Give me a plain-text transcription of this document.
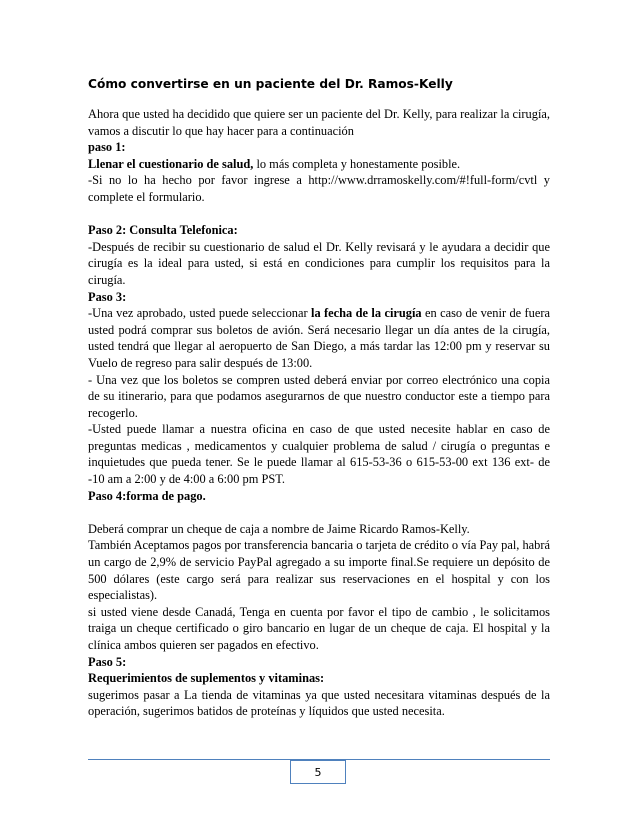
Cómo convertirse en un paciente del Dr. Ramos-Kelly

Ahora que usted ha decidido que quiere ser un paciente del Dr. Kelly, para realizar la cirugía, vamos a discutir lo que hay hacer para a continuación

paso 1:

Llenar el cuestionario de salud, lo más completa y honestamente posible.

-Si no lo ha hecho por favor ingrese a http://www.drramoskelly.com/#!full-form/cvtl y complete el formulario.

Paso 2: Consulta Telefonica:

-Después de recibir su cuestionario de salud el Dr. Kelly revisará y le ayudara a decidir que cirugía es la ideal para usted, si está en condiciones para cumplir los requisitos para la cirugía.

Paso 3:

-Una vez aprobado, usted puede seleccionar la fecha de la cirugía en caso de venir de fuera usted podrá comprar sus boletos de avión. Será necesario llegar un día antes de la cirugía, usted tendrá que llegar al aeropuerto de San Diego, a más tardar las 12:00 pm y reservar su Vuelo de regreso para salir después de 13:00.

- Una vez que los boletos se compren usted deberá enviar por correo electrónico una copia de su itinerario, para que podamos asegurarnos de que nuestro conductor este a tiempo para recogerlo.

-Usted puede llamar a nuestra oficina en caso de que usted necesite hablar en caso de preguntas medicas , medicamentos y cualquier problema de salud / cirugía o preguntas e inquietudes que pueda tener. Se le puede llamar al 615-53-36 o 615-53-00 ext 136 ext- de -10 am a 2:00 y de 4:00 a 6:00 pm PST.

Paso 4:forma de pago.

Deberá comprar un cheque de caja a nombre de Jaime Ricardo Ramos-Kelly.

También Aceptamos pagos por transferencia bancaria o tarjeta de crédito o vía Pay pal, habrá un cargo de 2,9% de servicio PayPal agregado a su importe final.Se requiere un depósito de 500 dólares (este cargo será para realizar sus reservaciones en el hospital y con los especialistas).

si usted viene desde Canadá, Tenga en cuenta por favor el tipo de cambio , le solicitamos traiga un cheque certificado o giro bancario en lugar de un cheque de caja. El hospital y la clínica ambos quieren ser pagados en efectivo.

Paso 5:

Requerimientos de suplementos y vitaminas:

sugerimos pasar a La tienda de vitaminas ya que usted necesitara vitaminas después de la operación, sugerimos batidos de proteínas y líquidos que usted necesita.

5
